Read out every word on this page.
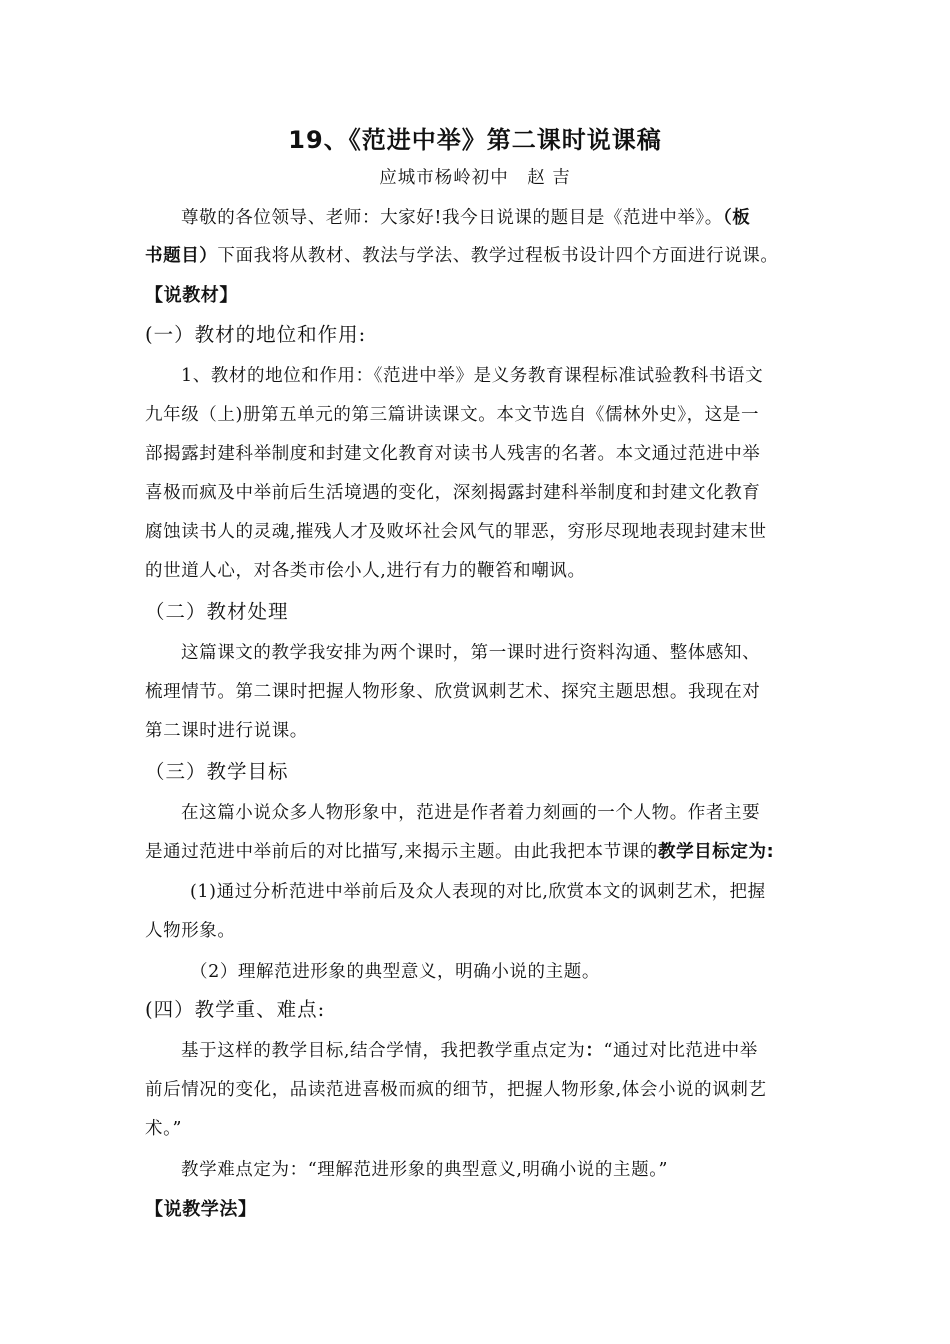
19、《范进中举》第二课时说课稿
应城市杨岭初中　赵 吉
尊敬的各位领导、老师：大家好!我今日说课的题目是《范进中举》。（板
书题目）下面我将从教材、教法与学法、教学过程板书设计四个方面进行说课。
【说教材】
(一）教材的地位和作用:
1、教材的地位和作用：《范进中举》是义务教育课程标准试验教科书语文
九年级（上)册第五单元的第三篇讲读课文。本文节选自《儒林外史》，这是一
部揭露封建科举制度和封建文化教育对读书人残害的名著。本文通过范进中举
喜极而疯及中举前后生活境遇的变化，深刻揭露封建科举制度和封建文化教育
腐蚀读书人的灵魂,摧残人才及败坏社会风气的罪恶，穷形尽现地表现封建末世
的世道人心，对各类市侩小人,进行有力的鞭笞和嘲讽。
（二）教材处理
这篇课文的教学我安排为两个课时，第一课时进行资料沟通、整体感知、
梳理情节。第二课时把握人物形象、欣赏讽刺艺术、探究主题思想。我现在对
第二课时进行说课。
（三）教学目标
在这篇小说众多人物形象中，范进是作者着力刻画的一个人物。作者主要
是通过范进中举前后的对比描写,来揭示主题。由此我把本节课的教学目标定为:
(1)通过分析范进中举前后及众人表现的对比,欣赏本文的讽刺艺术，把握
人物形象。
（2）理解范进形象的典型意义，明确小说的主题。
(四）教学重、难点:
基于这样的教学目标,结合学情，我把教学重点定为：“通过对比范进中举
前后情况的变化，品读范进喜极而疯的细节，把握人物形象,体会小说的讽刺艺
术。”
教学难点定为：“理解范进形象的典型意义,明确小说的主题。”
【说教学法】
